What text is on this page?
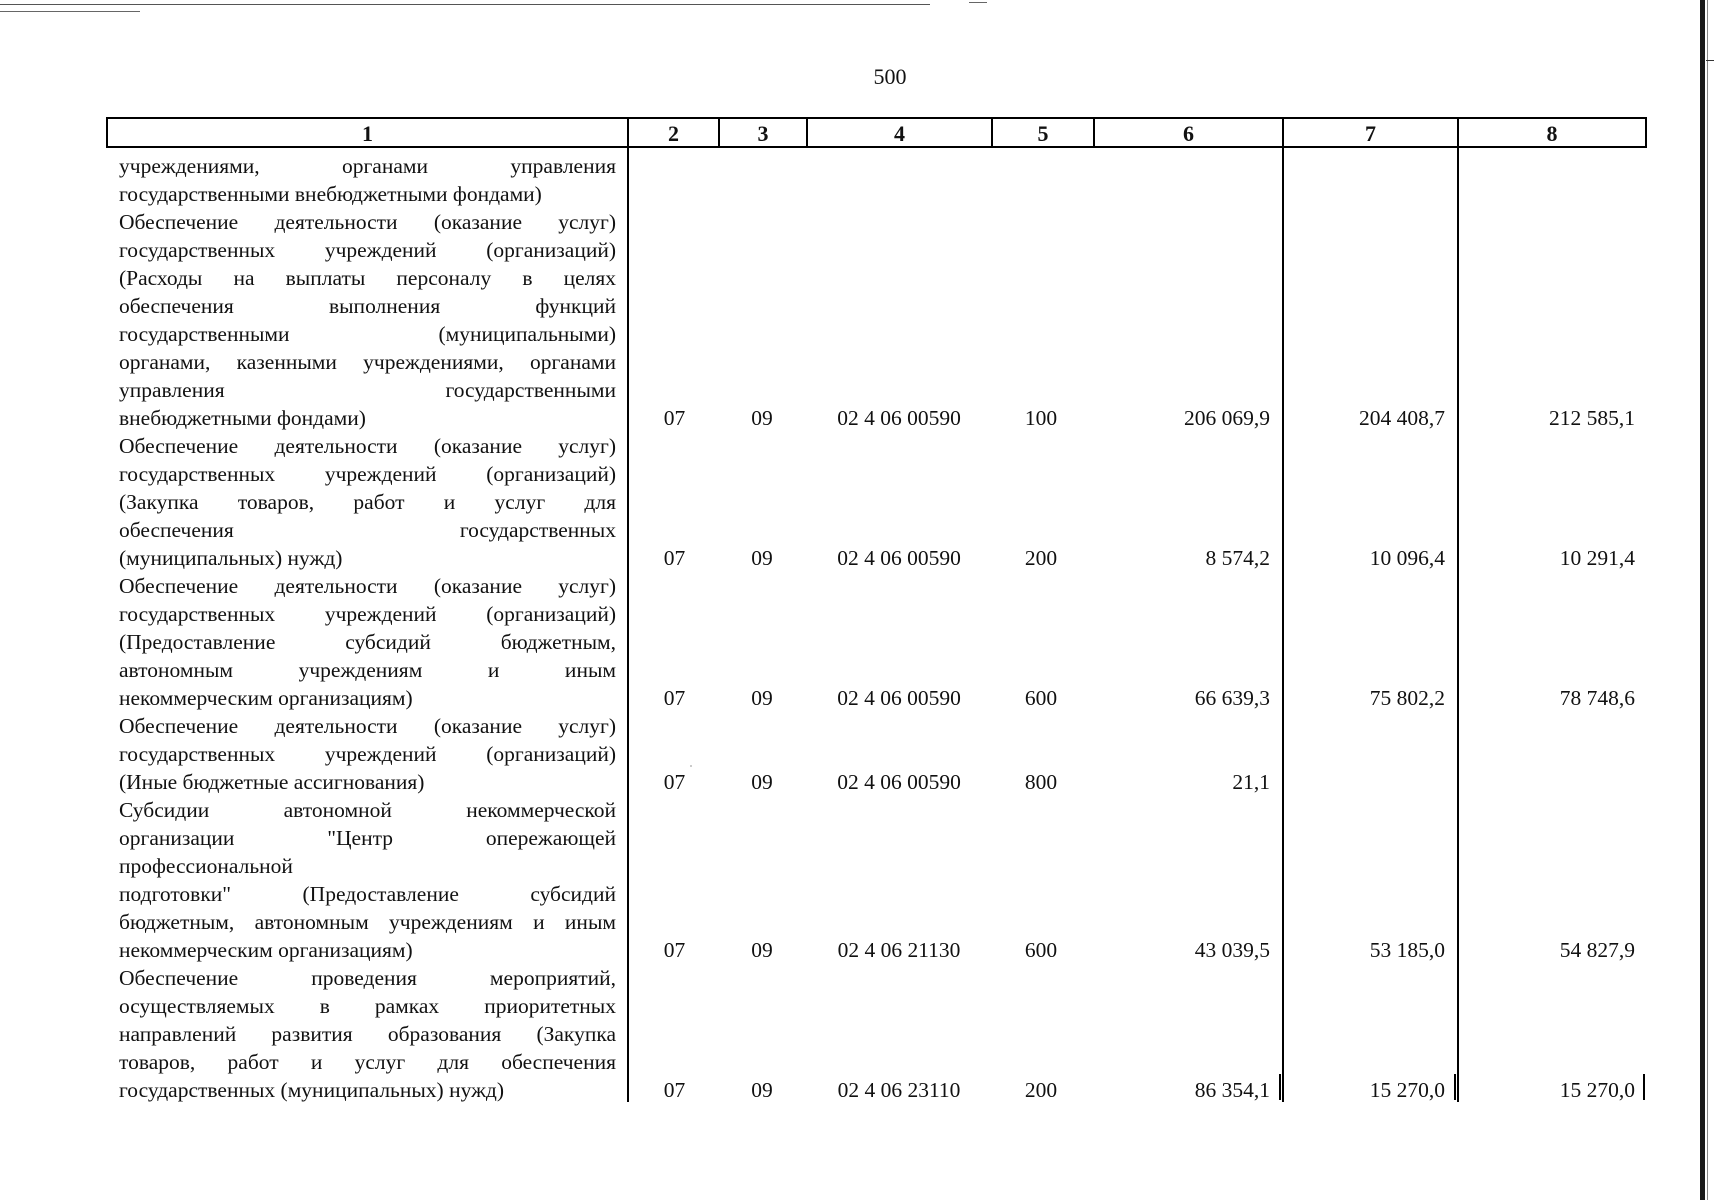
500
1	2	3	4	5	6	7	8
учреждениями, органами управления
государственными внебюджетными фондами)
Обеспечение деятельности (оказание услуг)
государственных учреждений (организаций)
(Расходы на выплаты персоналу в целях
обеспечения выполнения функций
государственными (муниципальными)
органами, казенными учреждениями, органами
управления государственными
внебюджетными фондами)	07	09	02 4 06 00590	100	206 069,9	204 408,7	212 585,1
Обеспечение деятельности (оказание услуг)
государственных учреждений (организаций)
(Закупка товаров, работ и услуг для
обеспечения государственных
(муниципальных) нужд)	07	09	02 4 06 00590	200	8 574,2	10 096,4	10 291,4
Обеспечение деятельности (оказание услуг)
государственных учреждений (организаций)
(Предоставление субсидий бюджетным,
автономным учреждениям и иным
некоммерческим организациям)	07	09	02 4 06 00590	600	66 639,3	75 802,2	78 748,6
Обеспечение деятельности (оказание услуг)
государственных учреждений (организаций)
(Иные бюджетные ассигнования)	07	09	02 4 06 00590	800	21,1
Субсидии автономной некоммерческой
организации "Центр опережающей
профессиональной
подготовки" (Предоставление субсидий
бюджетным, автономным учреждениям и иным
некоммерческим организациям)	07	09	02 4 06 21130	600	43 039,5	53 185,0	54 827,9
Обеспечение проведения мероприятий,
осуществляемых в рамках приоритетных
направлений развития образования (Закупка
товаров, работ и услуг для обеспечения
государственных (муниципальных) нужд)	07	09	02 4 06 23110	200	86 354,1	15 270,0	15 270,0
